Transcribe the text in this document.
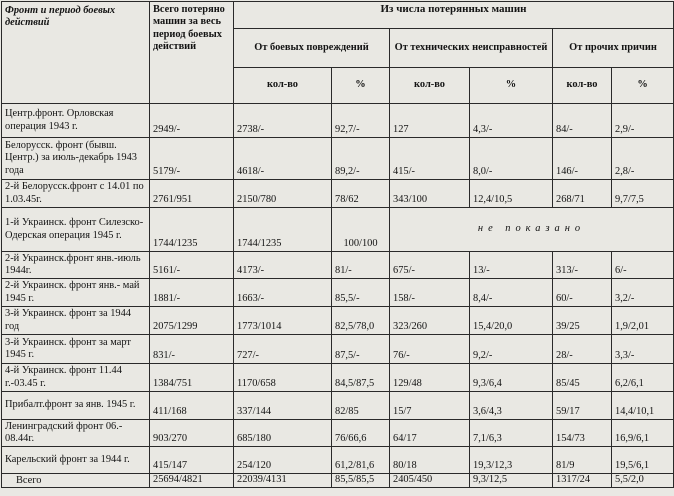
Фронт и период боевых действий	Всего потеряно машин за весь период боевых действий	Из числа потерянных машин					
		От боевых повреждений		От технических неисправностей		От прочих причин	
		кол-во	%	кол-во	%	кол-во	%
Центр.фронт. Орловская операция 1943 г.	2949/-	2738/-	92,7/-	127	4,3/-	84/-	2,9/-
Белорусск. фронт (бывш. Центр.) за июль-декабрь 1943 года	5179/-	4618/-	89,2/-	415/-	8,0/-	146/-	2,8/-
2-й Белорусск.фронт с 14.01 по 1.03.45г.	2761/951	2150/780	78/62	343/100	12,4/10,5	268/71	9,7/7,5
1-й Украинск. фронт Силезско-Одерская операция 1945 г.	1744/1235	1744/1235	100/100	не показано			
2-й Украинск.фронт янв.-июль 1944г.	5161/-	4173/-	81/-	675/-	13/-	313/-	6/-
2-й Украинск. фронт янв.- май 1945 г.	1881/-	1663/-	85,5/-	158/-	8,4/-	60/-	3,2/-
3-й Украинск. фронт за 1944 год	2075/1299	1773/1014	82,5/78,0	323/260	15,4/20,0	39/25	1,9/2,01
3-й Украинск. фронт за март 1945 г.	831/-	727/-	87,5/-	76/-	9,2/-	28/-	3,3/-
4-й Украинск. фронт 11.44 г.-03.45 г.	1384/751	1170/658	84,5/87,5	129/48	9,3/6,4	85/45	6,2/6,1
Прибалт.фронт за янв. 1945 г.	411/168	337/144	82/85	15/7	3,6/4,3	59/17	14,4/10,1
Ленинградский фронт 06.- 08.44г.	903/270	685/180	76/66,6	64/17	7,1/6,3	154/73	16,9/6,1
Карельский фронт за 1944 г.	415/147	254/120	61,2/81,6	80/18	19,3/12,3	81/9	19,5/6,1
Всего	25694/4821	22039/4131	85,5/85,5	2405/450	9,3/12,5	1317/24	5,5/2,0
